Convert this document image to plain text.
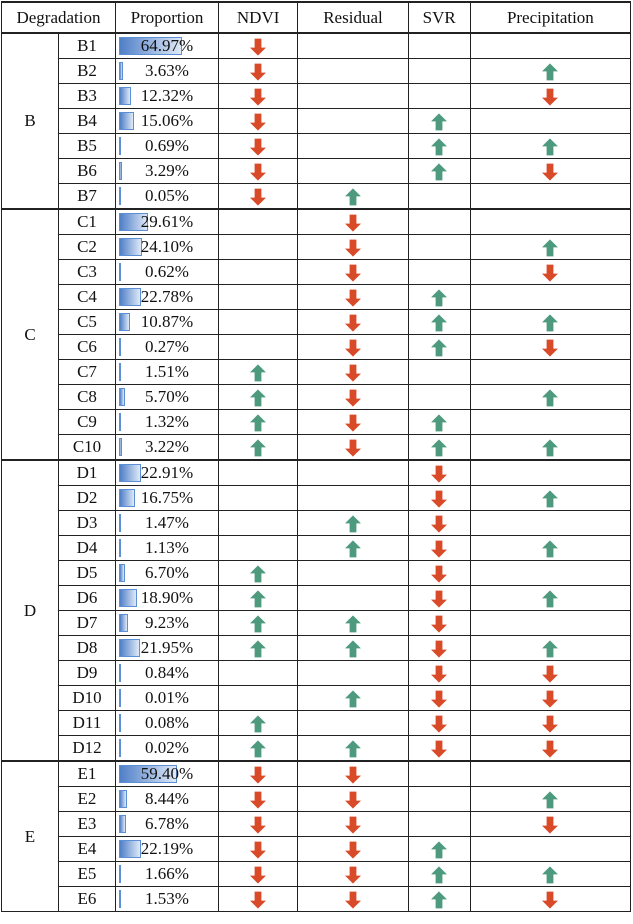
Degradation		Proportion	NDVI	Residual	SVR	Precipitation
B	B1	64.97%				
	B2	3.63%				
	B3	12.32%				
	B4	15.06%				
	B5	0.69%				
	B6	3.29%				
	B7	0.05%				
C	C1	29.61%				
	C2	24.10%				
	C3	0.62%				
	C4	22.78%				
	C5	10.87%				
	C6	0.27%				
	C7	1.51%				
	C8	5.70%				
	C9	1.32%				
	C10	3.22%				
D	D1	22.91%				
	D2	16.75%				
	D3	1.47%				
	D4	1.13%				
	D5	6.70%				
	D6	18.90%				
	D7	9.23%				
	D8	21.95%				
	D9	0.84%				
	D10	0.01%				
	D11	0.08%				
	D12	0.02%				
E	E1	59.40%				
	E2	8.44%				
	E3	6.78%				
	E4	22.19%				
	E5	1.66%				
	E6	1.53%				
